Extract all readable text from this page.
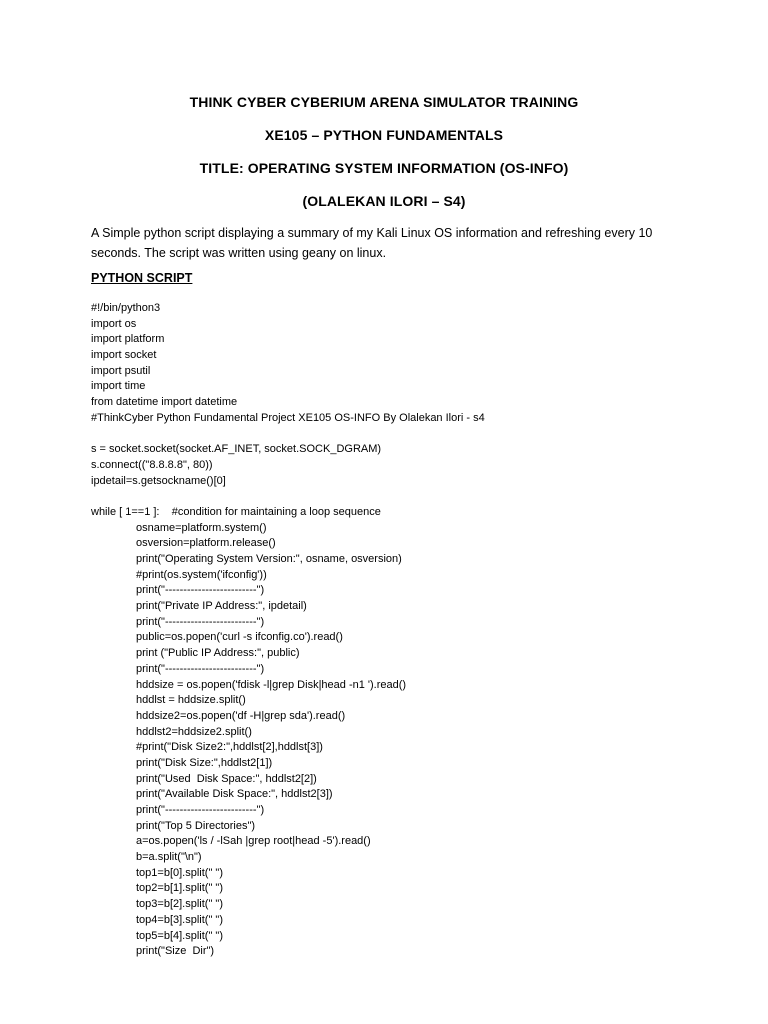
THINK CYBER CYBERIUM ARENA SIMULATOR TRAINING
XE105 – PYTHON FUNDAMENTALS
TITLE: OPERATING SYSTEM INFORMATION (OS-INFO)
(OLALEKAN ILORI – S4)
A Simple python script displaying a summary of my Kali Linux OS information and refreshing every 10 seconds. The script was written using geany on linux.
PYTHON SCRIPT
#!/bin/python3
import os
import platform
import socket
import psutil
import time
from datetime import datetime
#ThinkCyber Python Fundamental Project XE105 OS-INFO By Olalekan Ilori - s4
s = socket.socket(socket.AF_INET, socket.SOCK_DGRAM)
s.connect(("8.8.8.8", 80))
ipdetail=s.getsockname()[0]
while [ 1==1 ]:    #condition for maintaining a loop sequence
osname=platform.system()
osversion=platform.release()
print("Operating System Version:", osname, osversion)
#print(os.system('ifconfig'))
print("-------------------------")
print("Private IP Address:", ipdetail)
print("-------------------------")
public=os.popen('curl -s ifconfig.co').read()
print ("Public IP Address:", public)
print("-------------------------")
hddsize = os.popen('fdisk -l|grep Disk|head -n1 ').read()
hddlst = hddsize.split()
hddsize2=os.popen('df -H|grep sda').read()
hddlst2=hddsize2.split()
#print("Disk Size2:",hddlst[2],hddlst[3])
print("Disk Size:",hddlst2[1])
print("Used  Disk Space:", hddlst2[2])
print("Available Disk Space:", hddlst2[3])
print("-------------------------")
print("Top 5 Directories")
a=os.popen('ls / -lSah |grep root|head -5').read()
b=a.split("\n")
top1=b[0].split(" ")
top2=b[1].split(" ")
top3=b[2].split(" ")
top4=b[3].split(" ")
top5=b[4].split(" ")
print("Size  Dir")
